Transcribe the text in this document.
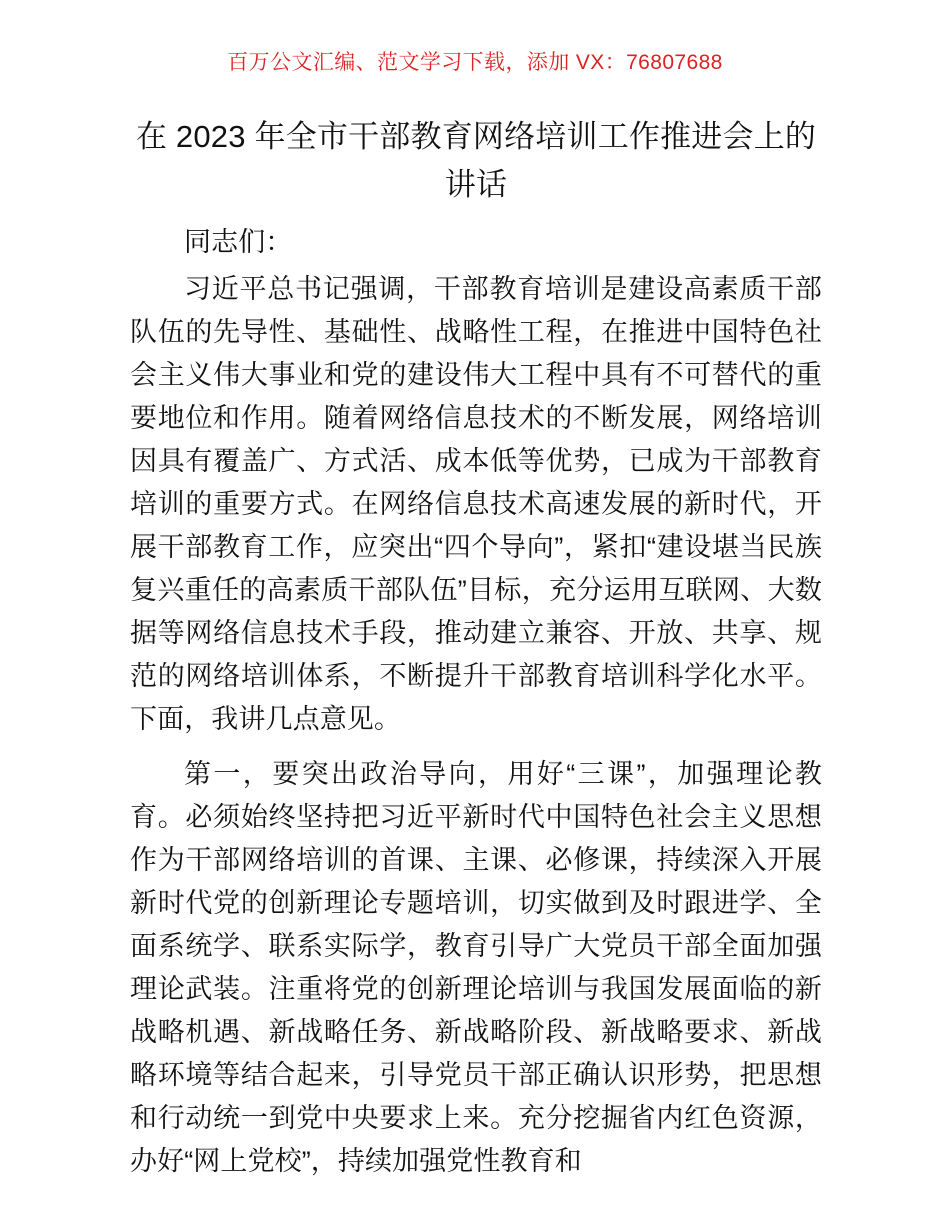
百万公文汇编、范文学习下载，添加 VX：76807688
在 2023 年全市干部教育网络培训工作推进会上的讲话

同志们：

习近平总书记强调，干部教育培训是建设高素质干部队伍的先导性、基础性、战略性工程，在推进中国特色社会主义伟大事业和党的建设伟大工程中具有不可替代的重要地位和作用。随着网络信息技术的不断发展，网络培训因具有覆盖广、方式活、成本低等优势，已成为干部教育培训的重要方式。在网络信息技术高速发展的新时代，开展干部教育工作，应突出“四个导向”，紧扣“建设堪当民族复兴重任的高素质干部队伍”目标，充分运用互联网、大数据等网络信息技术手段，推动建立兼容、开放、共享、规范的网络培训体系，不断提升干部教育培训科学化水平。下面，我讲几点意见。

第一，要突出政治导向，用好“三课”，加强理论教育。必须始终坚持把习近平新时代中国特色社会主义思想作为干部网络培训的首课、主课、必修课，持续深入开展新时代党的创新理论专题培训，切实做到及时跟进学、全面系统学、联系实际学，教育引导广大党员干部全面加强理论武装。注重将党的创新理论培训与我国发展面临的新战略机遇、新战略任务、新战略阶段、新战略要求、新战略环境等结合起来，引导党员干部正确认识形势，把思想和行动统一到党中央要求上来。充分挖掘省内红色资源，办好“网上党校”，持续加强党性教育和
